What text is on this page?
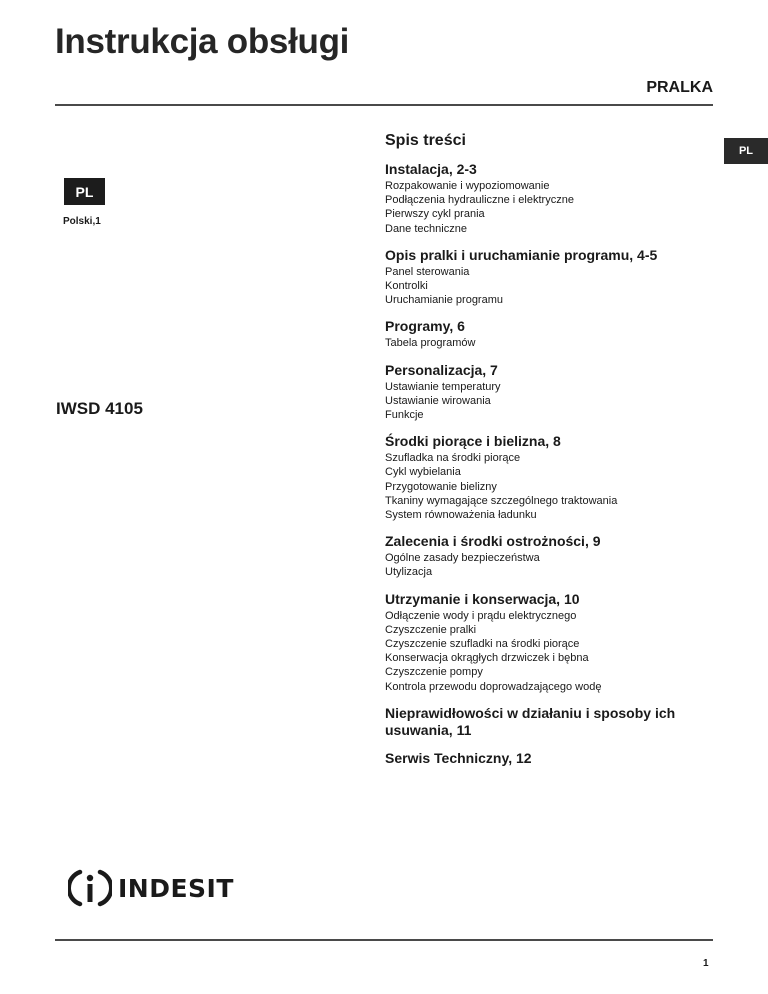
Instrukcja obsługi
PRALKA
PL
Polski,1
PL
IWSD 4105
Spis treści
Instalacja, 2-3
Rozpakowanie i wypoziomowanie
Podłączenia hydrauliczne i elektryczne
Pierwszy cykl prania
Dane techniczne
Opis pralki i uruchamianie programu, 4-5
Panel sterowania
Kontrolki
Uruchamianie programu
Programy, 6
Tabela programów
Personalizacja, 7
Ustawianie temperatury
Ustawianie wirowania
Funkcje
Środki piorące i bielizna, 8
Szufladka na środki piorące
Cykl wybielania
Przygotowanie bielizny
Tkaniny wymagające szczególnego traktowania
System równoważenia ładunku
Zalecenia i środki ostrożności, 9
Ogólne zasady bezpieczeństwa
Utylizacja
Utrzymanie i konserwacja, 10
Odłączenie wody i prądu elektrycznego
Czyszczenie pralki
Czyszczenie szufladki na środki piorące
Konserwacja okrągłych drzwiczek i bębna
Czyszczenie pompy
Kontrola przewodu doprowadzającego wodę
Nieprawidłowości w działaniu i sposoby ich usuwania, 11
Serwis Techniczny, 12
INDESIT
1
